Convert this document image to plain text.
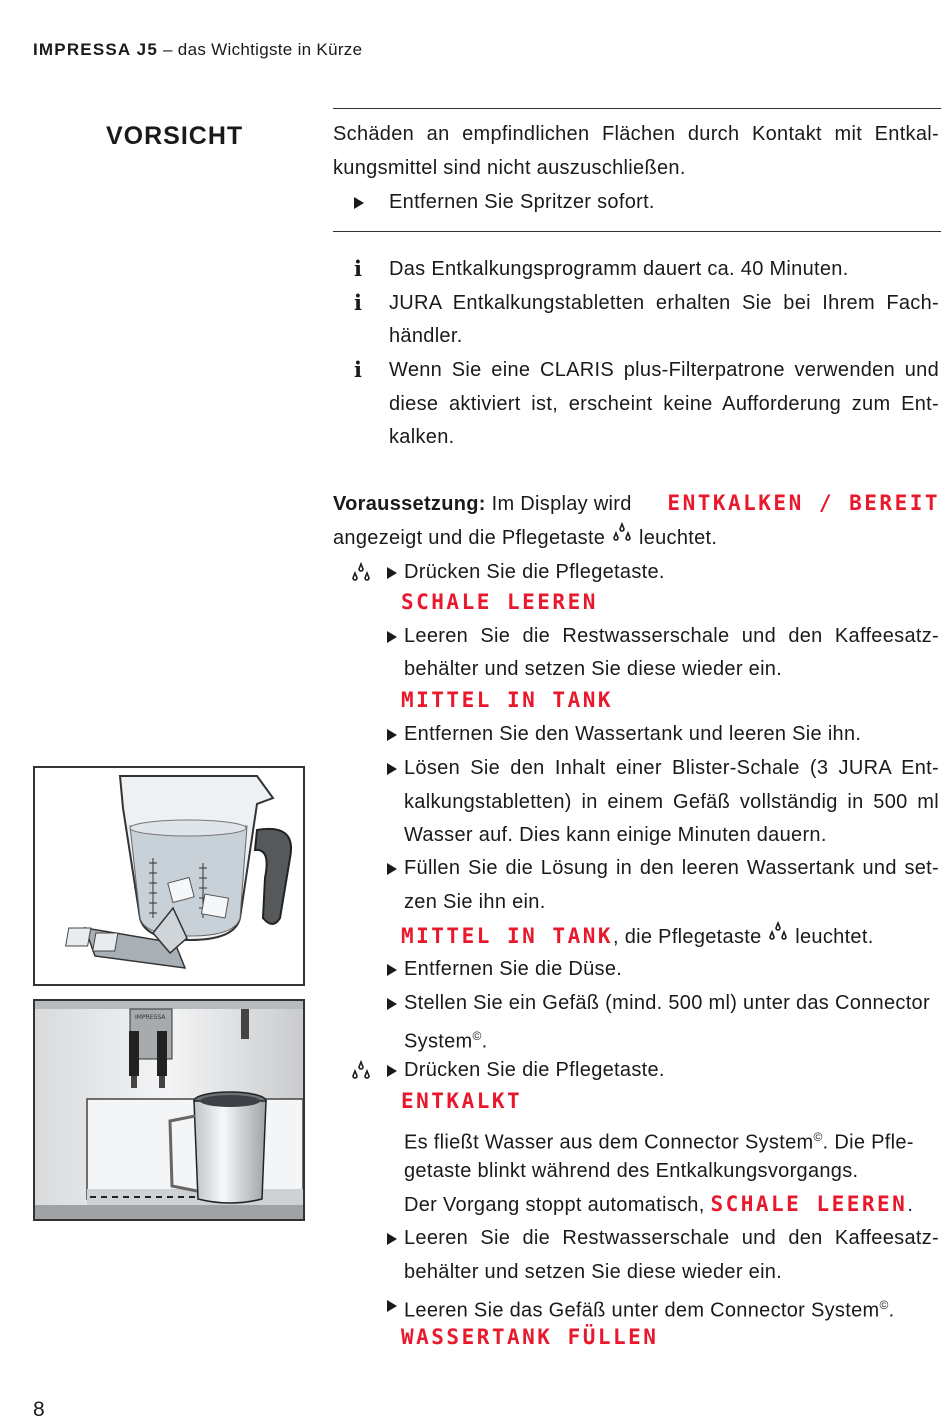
IMPRESSA J5 – das Wichtigste in Kürze
VORSICHT	Schäden an empfindlichen Flächen durch Kontakt mit Entkal-
kungsmittel sind nicht auszuschließen.
Entfernen Sie Spritzer sofort.
i Das Entkalkungsprogramm dauert ca. 40 Minuten.
i JURA Entkalkungstabletten erhalten Sie bei Ihrem Fach-
händler.
i Wenn Sie eine CLARIS plus-Filterpatrone verwenden und
diese aktiviert ist, erscheint keine Aufforderung zum Ent-
kalken.
Voraussetzung: Im Display wird ENTKALKEN / BEREIT
angezeigt und die Pflegetaste leuchtet.
Drücken Sie die Pflegetaste.
SCHALE LEEREN
Leeren Sie die Restwasserschale und den Kaffeesatz-
behälter und setzen Sie diese wieder ein.
MITTEL IN TANK
Entfernen Sie den Wassertank und leeren Sie ihn.
Lösen Sie den Inhalt einer Blister-Schale (3 JURA Ent-
kalkungstabletten) in einem Gefäß vollständig in 500 ml
Wasser auf. Dies kann einige Minuten dauern.
Füllen Sie die Lösung in den leeren Wassertank und set-
zen Sie ihn ein.
MITTEL IN TANK, die Pflegetaste leuchtet.
Entfernen Sie die Düse.
Stellen Sie ein Gefäß (mind. 500 ml) unter das Connector
System©.
Drücken Sie die Pflegetaste.
ENTKALKT
Es fließt Wasser aus dem Connector System©. Die Pfle-
getaste blinkt während des Entkalkungsvorgangs.
Der Vorgang stoppt automatisch, SCHALE LEEREN.
Leeren Sie die Restwasserschale und den Kaffeesatz-
behälter und setzen Sie diese wieder ein.
Leeren Sie das Gefäß unter dem Connector System©.
WASSERTANK FÜLLEN
IMPRESSA
8
